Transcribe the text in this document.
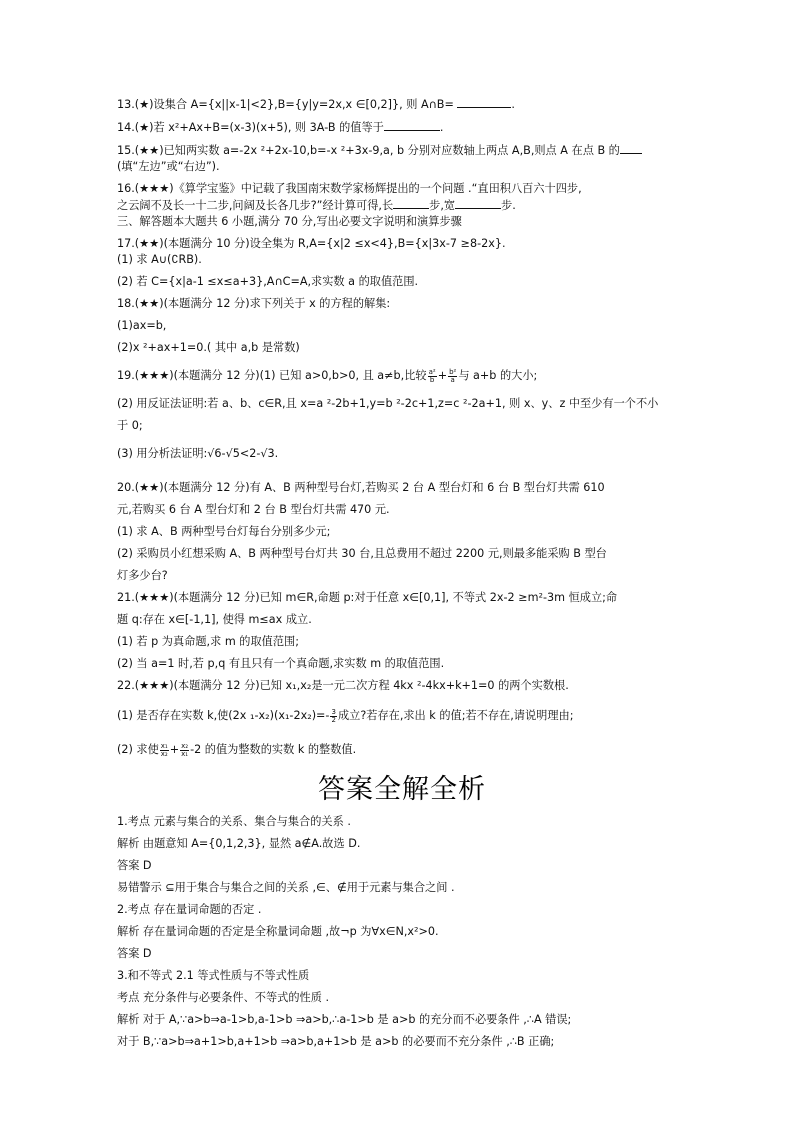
13.(★)设集合 A={x||x-1|<2},B={y|y=2x,x ∈[0,2]}, 则 A∩B=	.
14.(★)若 x²+Ax+B=(x-3)(x+5), 则 3A-B 的值等于	.
15.(★★)已知两实数 a=-2x ²+2x-10,b=-x ²+3x-9,a, b 分别对应数轴上两点 A,B,则点 A 在点 B 的
(填“左边”或“右边”).
16.(★★★)《算学宝鉴》中记载了我国南宋数学家杨辉提出的一个问题 .“直田积八百六十四步,
之云阔不及长一十二步,问阔及长各几步?”经计算可得,长	步,宽	步.
三、解答题本大题共 6 小题,满分 70 分,写出必要文字说明和演算步骤
17.(★★)(本题满分 10 分)设全集为 R,A={x|2 ≤x<4},B={x|3x-7 ≥8-2x}.
(1) 求 A∪(∁RB).
(2) 若 C={x|a-1 ≤x≤a+3},A∩C=A,求实数 a 的取值范围.
18.(★★)(本题满分 12 分)求下列关于 x 的方程的解集:
(1)ax=b,
(2)x ²+ax+1=0.( 其中 a,b 是常数)
19.(★★★)(本题满分 12 分)(1) 已知 a>0,b>0, 且 a≠b,比较 $\frac{\text{a²}}{b} + \frac{\text{b²}}{a}$ 与 a+b 的大小;
(2) 用反证法证明:若 a、b、c∈R,且 x=a ²-2b+1,y=b ²-2c+1,z=c ²-2a+1, 则 x、y、z 中至少有一个不小
于 0;
(3) 用分析法证明:√6-√5<2-√3.
20.(★★)(本题满分 12 分)有 A、B 两种型号台灯,若购买 2 台 A 型台灯和 6 台 B 型台灯共需 610
元,若购买 6 台 A 型台灯和 2 台 B 型台灯共需 470 元.
(1) 求 A、B 两种型号台灯每台分别多少元;
(2) 采购员小红想采购 A、B 两种型号台灯共 30 台,且总费用不超过 2200 元,则最多能采购 B 型台
灯多少台?
21.(★★★)(本题满分 12 分)已知 m∈R,命题 p:对于任意 x∈[0,1], 不等式 2x-2 ≥m²-3m 恒成立;命
题 q:存在 x∈[-1,1], 使得 m≤ax 成立.
(1) 若 p 为真命题,求 m 的取值范围;
(2) 当 a=1 时,若 p,q 有且只有一个真命题,求实数 m 的取值范围.
22.(★★★)(本题满分 12 分)已知 x₁,x₂是一元二次方程 4kx ²-4kx+k+1=0 的两个实数根.
(1) 是否存在实数 k,使(2x $_1-x_2)(x_1-2x_2)=- \frac{3}{2}$ 成立?若存在,求出 k 的值;若不存在,请说明理由;
(2) 求使 $\frac{\text{x₁}}{\text{x₂}} + \frac{\text{x₂}}{\text{x₁}} -2$ 的值为整数的实数 k 的整数值.
答案全解全析
1.考点 元素与集合的关系、集合与集合的关系 .
解析 由题意知 A={0,1,2,3}, 显然 a∉A.故选 D.
答案 D
易错警示 ⊆用于集合与集合之间的关系 ,∈、∉用于元素与集合之间 .
2.考点 存在量词命题的否定 .
解析 存在量词命题的否定是全称量词命题 ,故¬p 为∀x∈N,x²>0.
答案 D
3.和不等式 2.1 等式性质与不等式性质
考点 充分条件与必要条件、不等式的性质 .
解析 对于 A,∵a>b⇒a-1>b,a-1>b ⇒a>b,∴a-1>b 是 a>b 的充分而不必要条件 ,∴A 错误;
对于 B,∵a>b⇒a+1>b,a+1>b ⇒a>b,a+1>b 是 a>b 的必要而不充分条件 ,∴B 正确;
